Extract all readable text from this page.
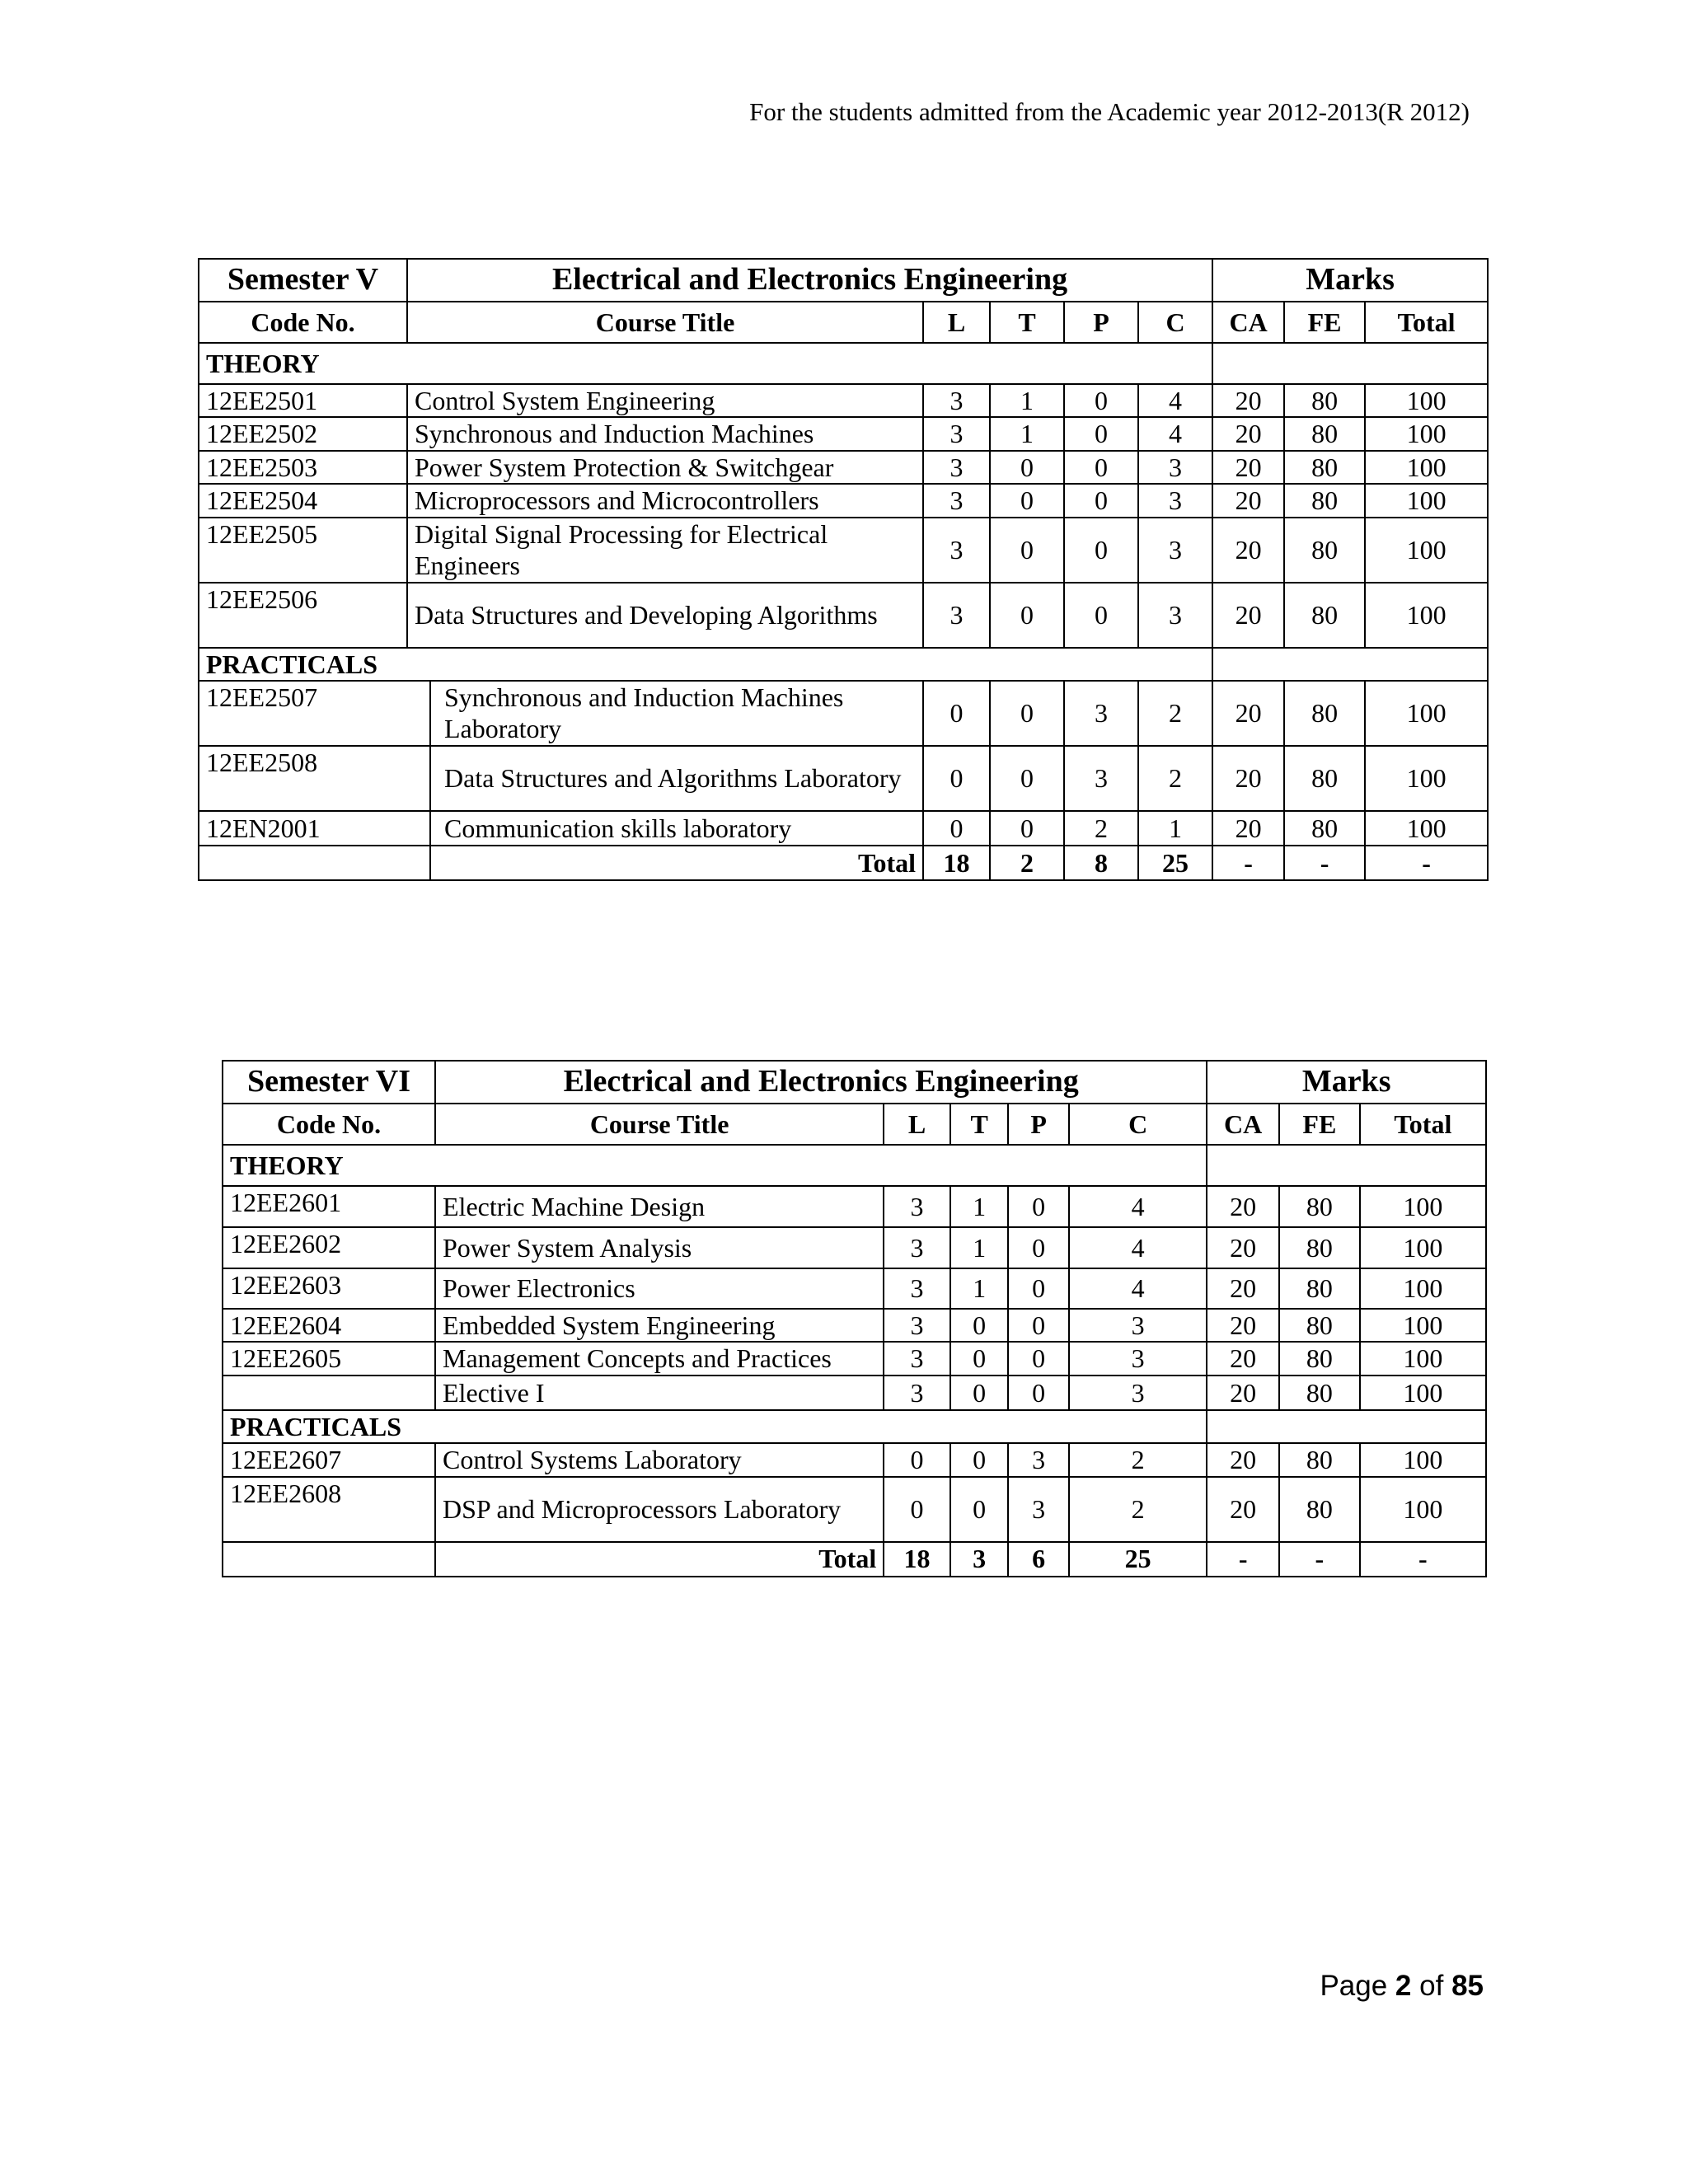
For the students admitted from the Academic year 2012-2013(R 2012)
Semester V	Electrical and Electronics Engineering						Marks		
Code No.	Course Title		L	T	P	C	CA	FE	Total
THEORY									
12EE2501	Control System Engineering		3	1	0	4	20	80	100
12EE2502	Synchronous and Induction Machines		3	1	0	4	20	80	100
12EE2503	Power System Protection & Switchgear		3	0	0	3	20	80	100
12EE2504	Microprocessors and Microcontrollers		3	0	0	3	20	80	100
12EE2505	Digital Signal Processing for Electrical Engineers		3	0	0	3	20	80	100
12EE2506	Data Structures and Developing Algorithms		3	0	0	3	20	80	100
PRACTICALS									
12EE2507		Synchronous and Induction Machines Laboratory	0	0	3	2	20	80	100
12EE2508		Data Structures and Algorithms Laboratory	0	0	3	2	20	80	100
12EN2001		Communication skills laboratory	0	0	2	1	20	80	100
		Total	18	2	8	25	-	-	-
Semester VI	Electrical and Electronics Engineering					Marks		
Code No.	Course Title	L	T	P	C	CA	FE	Total
THEORY								
12EE2601	Electric Machine Design	3	1	0	4	20	80	100
12EE2602	Power System Analysis	3	1	0	4	20	80	100
12EE2603	Power Electronics	3	1	0	4	20	80	100
12EE2604	Embedded System Engineering	3	0	0	3	20	80	100
12EE2605	Management Concepts and Practices	3	0	0	3	20	80	100
	Elective I	3	0	0	3	20	80	100
PRACTICALS								
12EE2607	Control Systems Laboratory	0	0	3	2	20	80	100
12EE2608	DSP and Microprocessors Laboratory	0	0	3	2	20	80	100
	Total	18	3	6	25	-	-	-
Page 2 of 85
